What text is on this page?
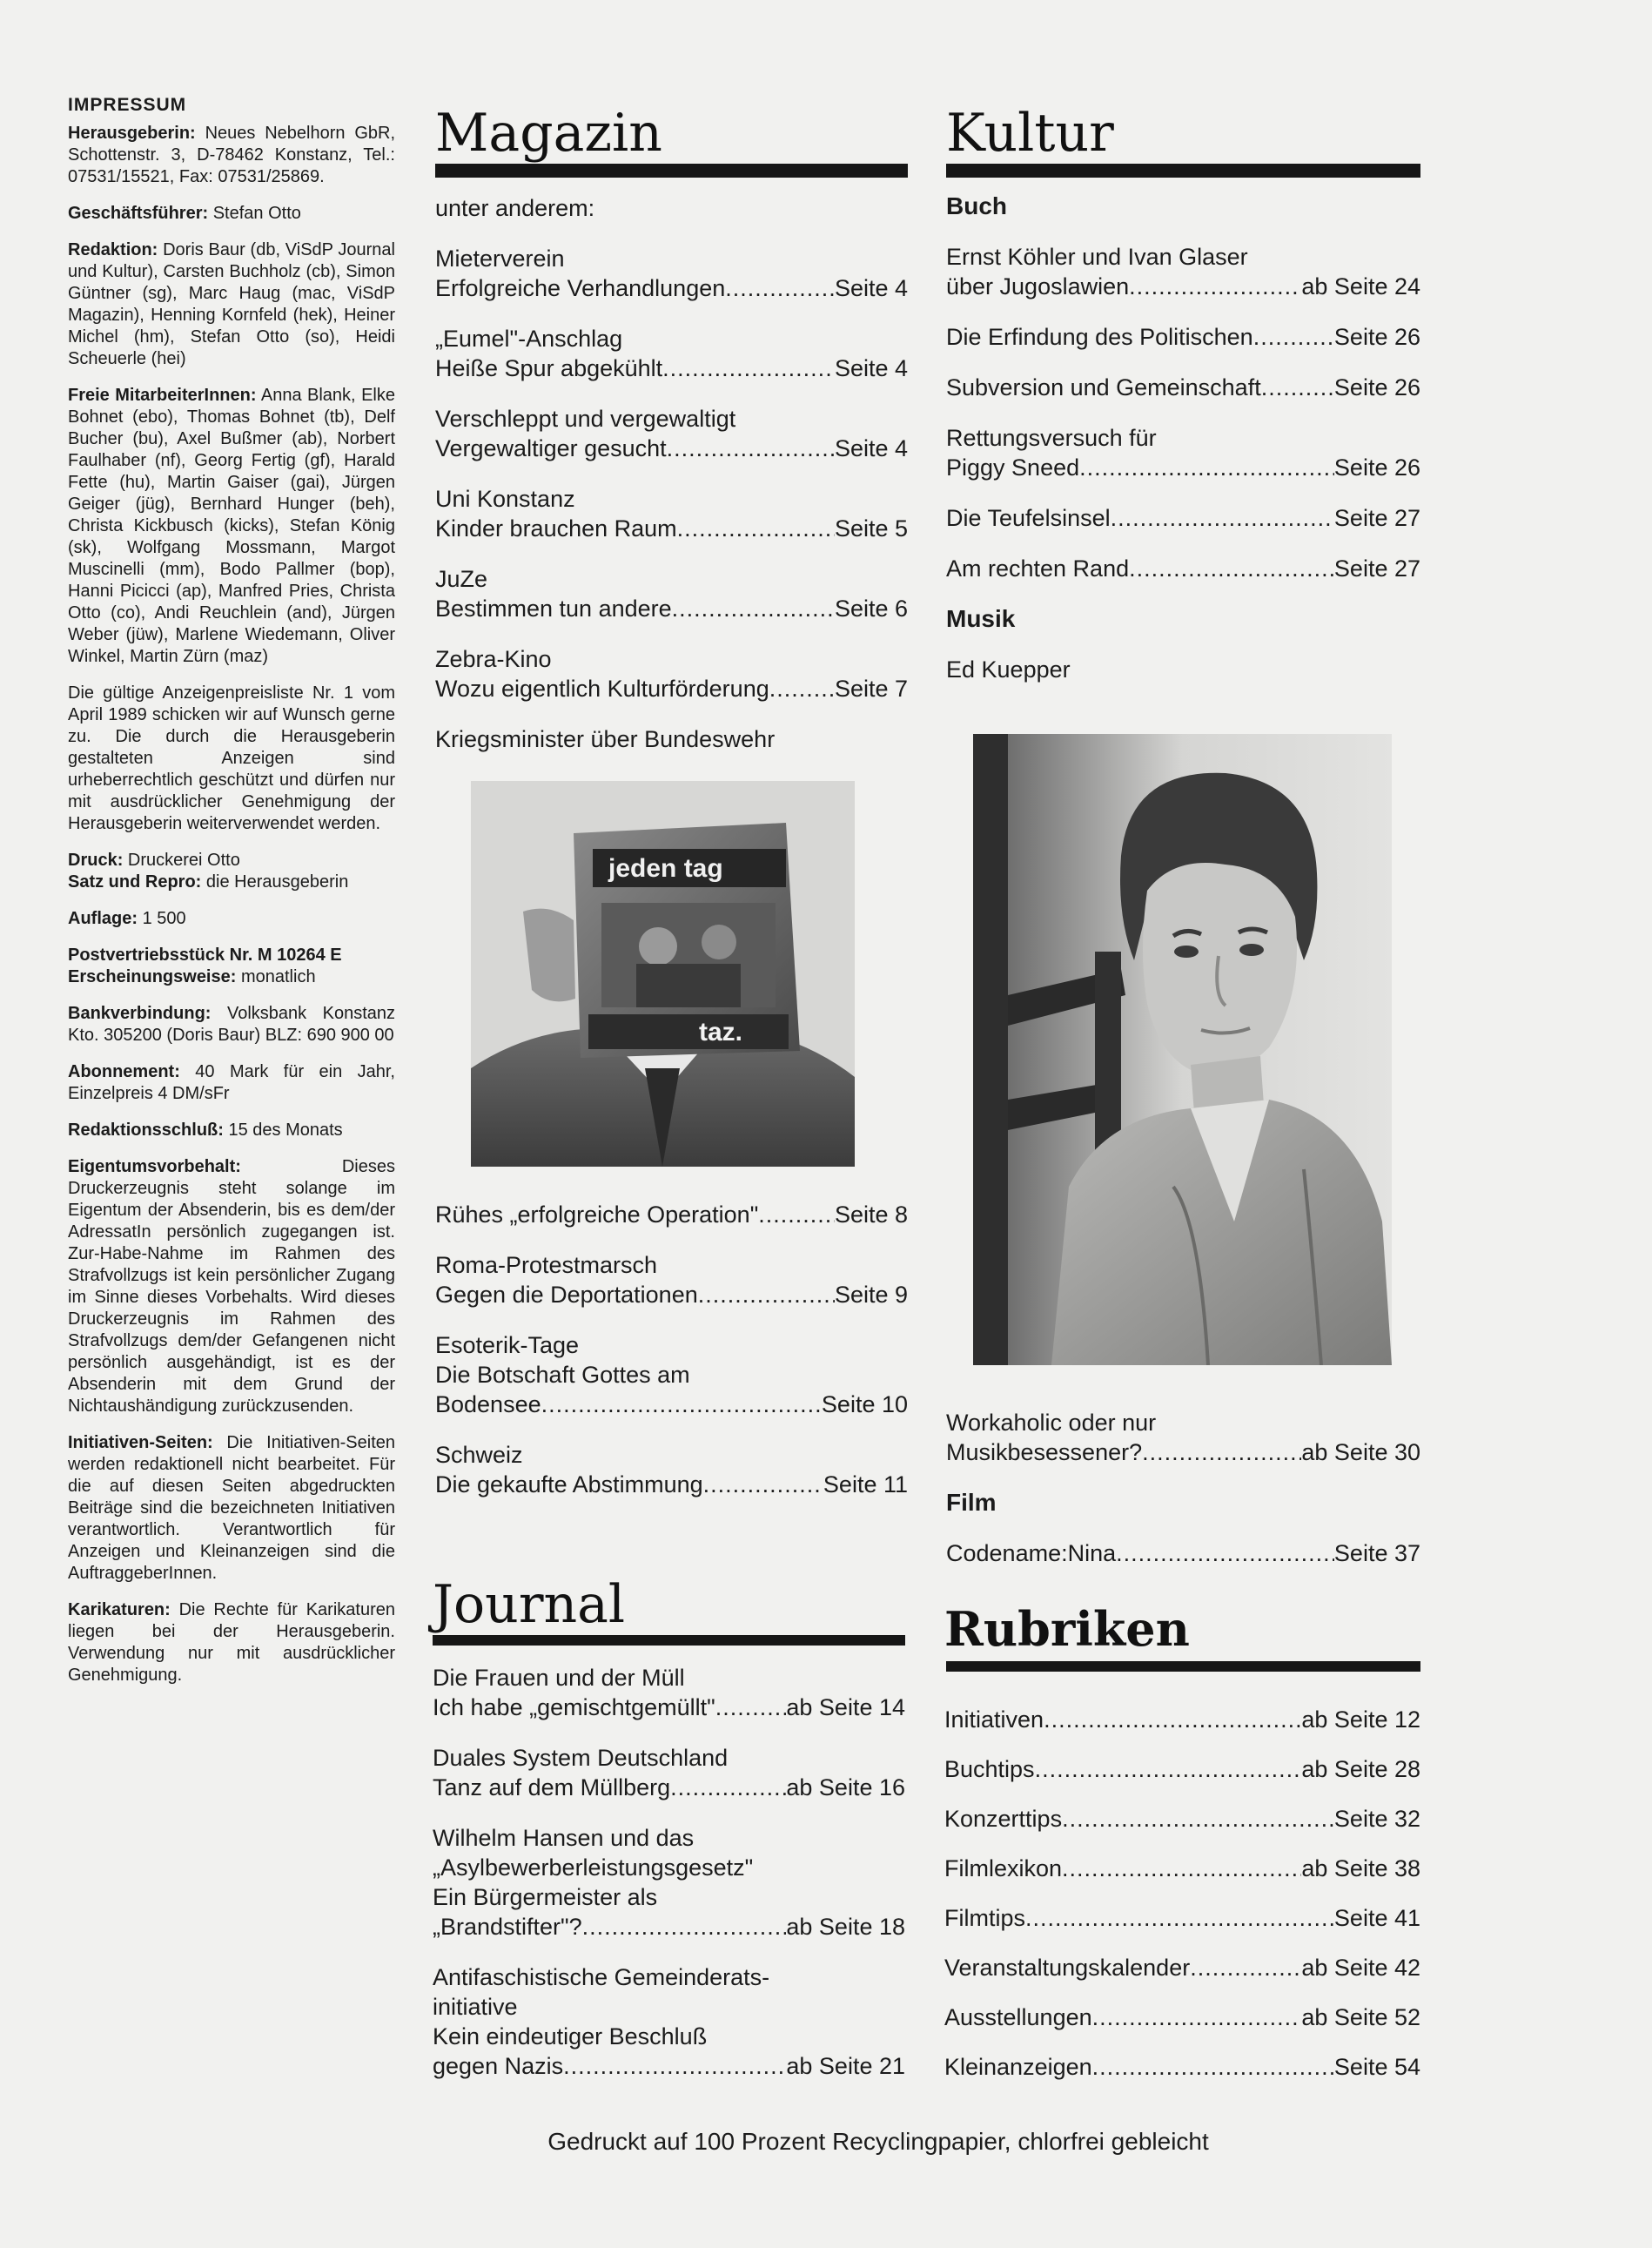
IMPRESSUM

Herausgeberin: Neues Nebelhorn GbR, Schottenstr. 3, D-78462 Konstanz, Tel.: 07531/15521, Fax: 07531/25869.

Geschäftsführer: Stefan Otto

Redaktion: Doris Baur (db, ViSdP Journal und Kultur), Carsten Buchholz (cb), Simon Güntner (sg), Marc Haug (mac, ViSdP Magazin), Henning Kornfeld (hek), Heiner Michel (hm), Stefan Otto (so), Heidi Scheuerle (hei)

Freie MitarbeiterInnen: Anna Blank, Elke Bohnet (ebo), Thomas Bohnet (tb), Delf Bucher (bu), Axel Bußmer (ab), Norbert Faulhaber (nf), Georg Fertig (gf), Harald Fette (hu), Martin Gaiser (gai), Jürgen Geiger (jüg), Bernhard Hunger (beh), Christa Kickbusch (kicks), Stefan König (sk), Wolfgang Mossmann, Margot Muscinelli (mm), Bodo Pallmer (bop), Hanni Picicci (ap), Manfred Pries, Christa Otto (co), Andi Reuchlein (and), Jürgen Weber (jüw), Marlene Wiedemann, Oliver Winkel, Martin Zürn (maz)

Die gültige Anzeigenpreisliste Nr. 1 vom April 1989 schicken wir auf Wunsch gerne zu. Die durch die Herausgeberin gestalteten Anzeigen sind urheberrechtlich geschützt und dürfen nur mit ausdrücklicher Genehmigung der Herausgeberin weiterverwendet werden.

Druck: Druckerei Otto
Satz und Repro: die Herausgeberin

Auflage: 1 500

Postvertriebsstück Nr. M 10264 E
Erscheinungsweise: monatlich

Bankverbindung: Volksbank Konstanz Kto. 305200 (Doris Baur) BLZ: 690 900 00

Abonnement: 40 Mark für ein Jahr, Einzelpreis 4 DM/sFr

Redaktionsschluß: 15 des Monats

Eigentumsvorbehalt:	Dieses Druckerzeugnis steht solange im Eigentum der Absenderin, bis es dem/der AdressatIn persönlich zugegangen ist. Zur-Habe-Nahme im Rahmen des Strafvollzugs ist kein persönlicher Zugang im Sinne dieses Vorbehalts. Wird dieses Druckerzeugnis im Rahmen des Strafvollzugs dem/der Gefangenen nicht persönlich ausgehändigt, ist es der Absenderin mit dem Grund der Nichtaushändigung zurückzusenden.

Initiativen-Seiten: Die Initiativen-Seiten werden redaktionell nicht bearbeitet. Für die auf diesen Seiten abgedruckten Beiträge sind die bezeichneten Initiativen verantwortlich. Verantwortlich für Anzeigen und Kleinanzeigen sind die AuftraggeberInnen.

Karikaturen: Die Rechte für Karikaturen liegen bei der Herausgeberin. Verwendung nur mit ausdrücklicher Genehmigung.

Magazin
unter anderem:
Mieterverein
Erfolgreiche Verhandlungen .....	Seite 4
„Eumel"-Anschlag
Heiße Spur abgekühlt .....	Seite 4
Verschleppt und vergewaltigt
Vergewaltiger gesucht .....	Seite 4
Uni Konstanz
Kinder brauchen Raum .....	Seite 5
JuZe
Bestimmen tun andere .....	Seite 6
Zebra-Kino
Wozu eigentlich Kulturförderung .....	Seite 7
Kriegsminister über Bundeswehr
jeden tag
taz.
Rühes „erfolgreiche Operation" .....	Seite 8
Roma-Protestmarsch
Gegen die Deportationen .....	Seite 9
Esoterik-Tage
Die Botschaft Gottes am
Bodensee .....	Seite 10
Schweiz
Die gekaufte Abstimmung .....	Seite 11
Journal
Die Frauen und der Müll
Ich habe „gemischtgemüllt" .....	ab Seite 14
Duales System Deutschland
Tanz auf dem Müllberg .....	ab Seite 16
Wilhelm Hansen und das
„Asylbewerberleistungsgesetz"
Ein Bürgermeister als
„Brandstifter"? .....	ab Seite 18
Antifaschistische Gemeinderats-
initiative
Kein eindeutiger Beschluß
gegen Nazis .....	ab Seite 21
Kultur
Buch
Ernst Köhler und Ivan Glaser
über Jugoslawien .....	ab Seite 24
Die Erfindung des Politischen .....	Seite 26
Subversion und Gemeinschaft .....	Seite 26
Rettungsversuch für
Piggy Sneed .....	Seite 26
Die Teufelsinsel .....	Seite 27
Am rechten Rand .....	Seite 27
Musik
Ed Kuepper
Workaholic oder nur
Musikbesessener? .....	ab Seite 30
Film
Codename:Nina .....	Seite 37
Rubriken
Initiativen .....	ab Seite 12
Buchtips .....	ab Seite 28
Konzerttips .....	Seite 32
Filmlexikon .....	ab Seite 38
Filmtips .....	Seite 41
Veranstaltungskalender .....	ab Seite 42
Ausstellungen .....	ab Seite 52
Kleinanzeigen .....	Seite 54
Gedruckt auf 100 Prozent Recyclingpapier, chlorfrei gebleicht
